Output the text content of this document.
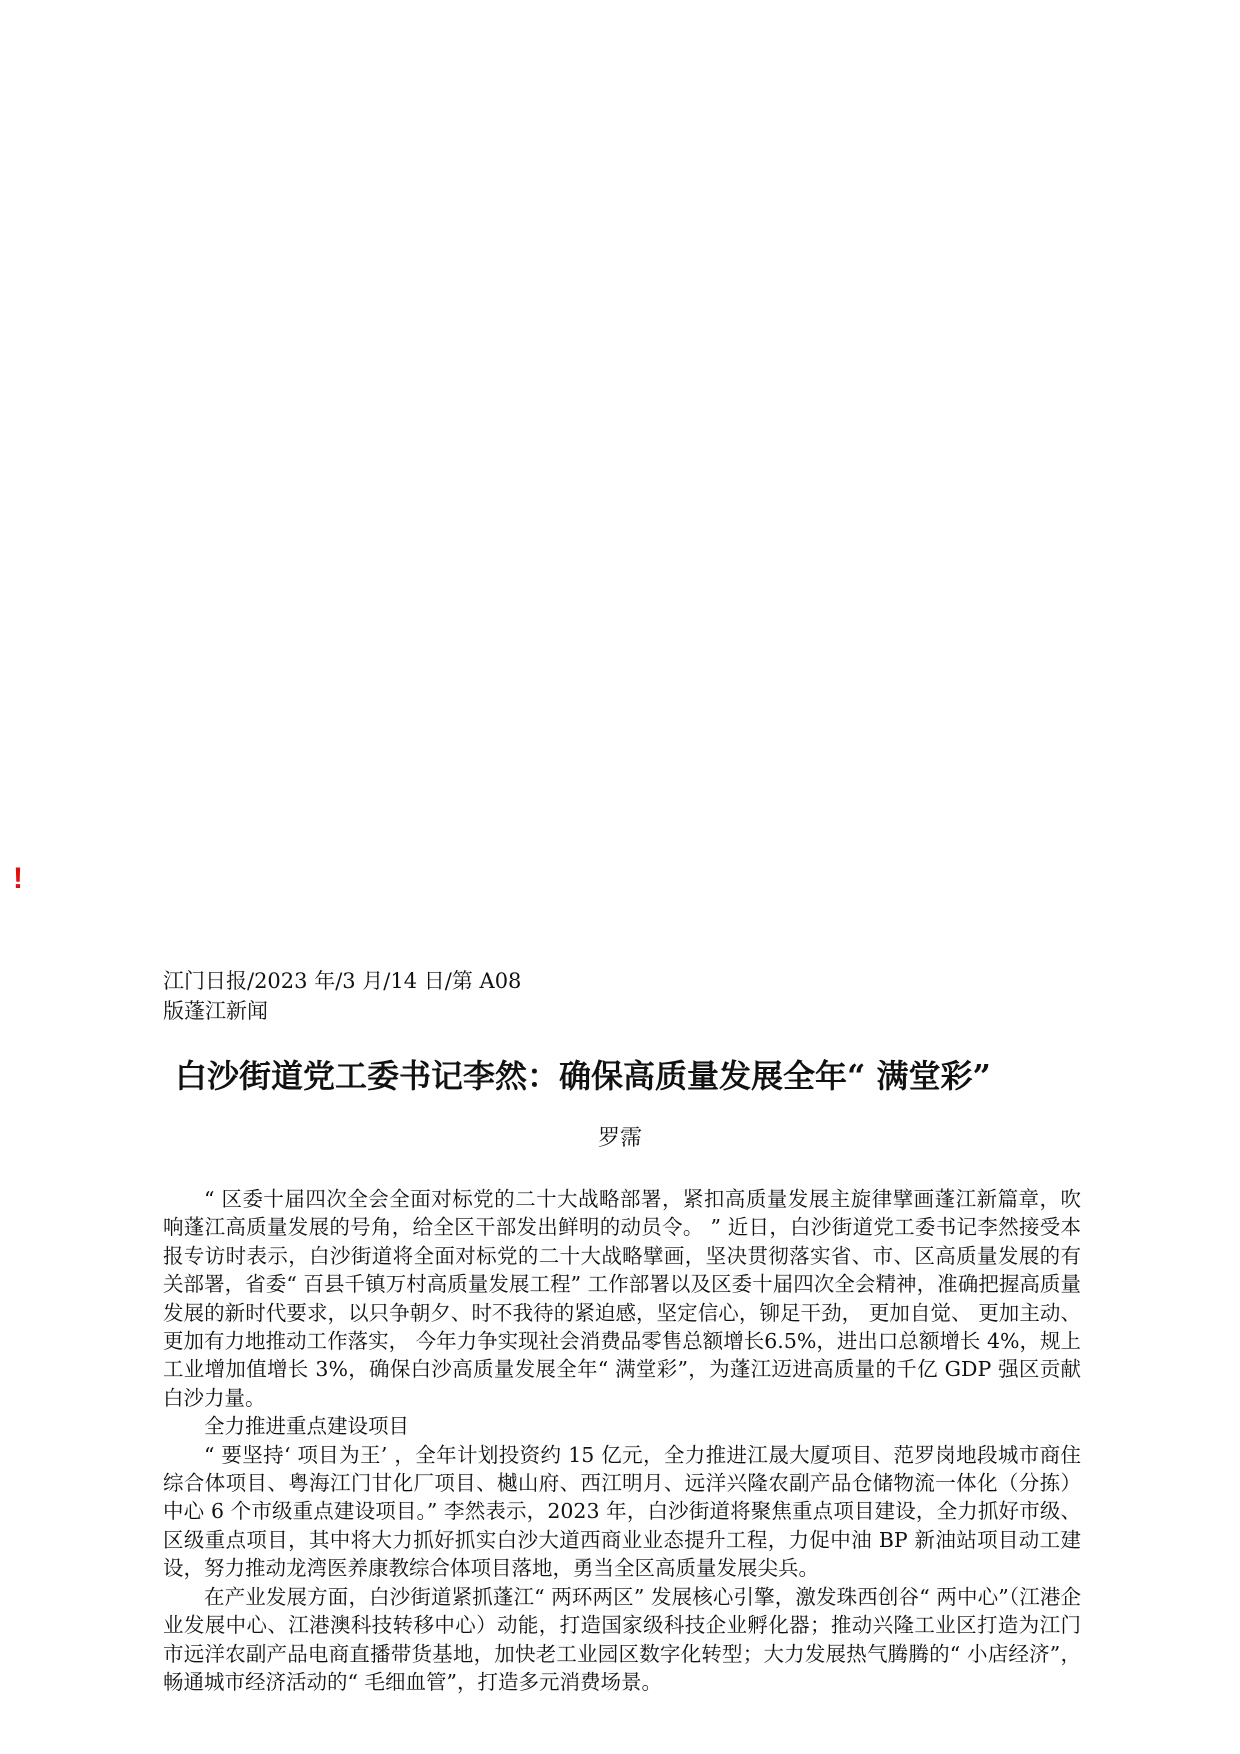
!
江门日报/2023 年/3 月/14 日/第 A08
版蓬江新闻
白沙街道党工委书记李然：确保高质量发展全年“ 满堂彩”
罗霈

“ 区委十届四次全会全面对标党的二十大战略部署，紧扣高质量发展主旋律擘画蓬江新篇章，吹响蓬江高质量发展的号角，给全区干部发出鲜明的动员令。 ” 近日，白沙街道党工委书记李然接受本报专访时表示，白沙街道将全面对标党的二十大战略擘画，坚决贯彻落实省、市、区高质量发展的有关部署，省委“ 百县千镇万村高质量发展工程” 工作部署以及区委十届四次全会精神，准确把握高质量发展的新时代要求，以只争朝夕、时不我待的紧迫感，坚定信心，铆足干劲， 更加自觉、 更加主动、 更加有力地推动工作落实， 今年力争实现社会消费品零售总额增长6.5%，进出口总额增长 4%，规上工业增加值增长 3%，确保白沙高质量发展全年“ 满堂彩”，为蓬江迈进高质量的千亿 GDP 强区贡献白沙力量。

全力推进重点建设项目

“ 要坚持‘ 项目为王’ ，全年计划投资约 15 亿元，全力推进江晟大厦项目、范罗岗地段城市商住综合体项目、粤海江门甘化厂项目、樾山府、西江明月、远洋兴隆农副产品仓储物流一体化（分拣）中心 6 个市级重点建设项目。” 李然表示，2023 年，白沙街道将聚焦重点项目建设，全力抓好市级、区级重点项目，其中将大力抓好抓实白沙大道西商业业态提升工程，力促中油 BP 新油站项目动工建设，努力推动龙湾医养康教综合体项目落地，勇当全区高质量发展尖兵。

在产业发展方面，白沙街道紧抓蓬江“ 两环两区” 发展核心引擎，激发珠西创谷“ 两中心”（江港企业发展中心、江港澳科技转移中心）动能，打造国家级科技企业孵化器；推动兴隆工业区打造为江门市远洋农副产品电商直播带货基地，加快老工业园区数字化转型；大力发展热气腾腾的“ 小店经济”，畅通城市经济活动的“ 毛细血管”，打造多元消费场景。
